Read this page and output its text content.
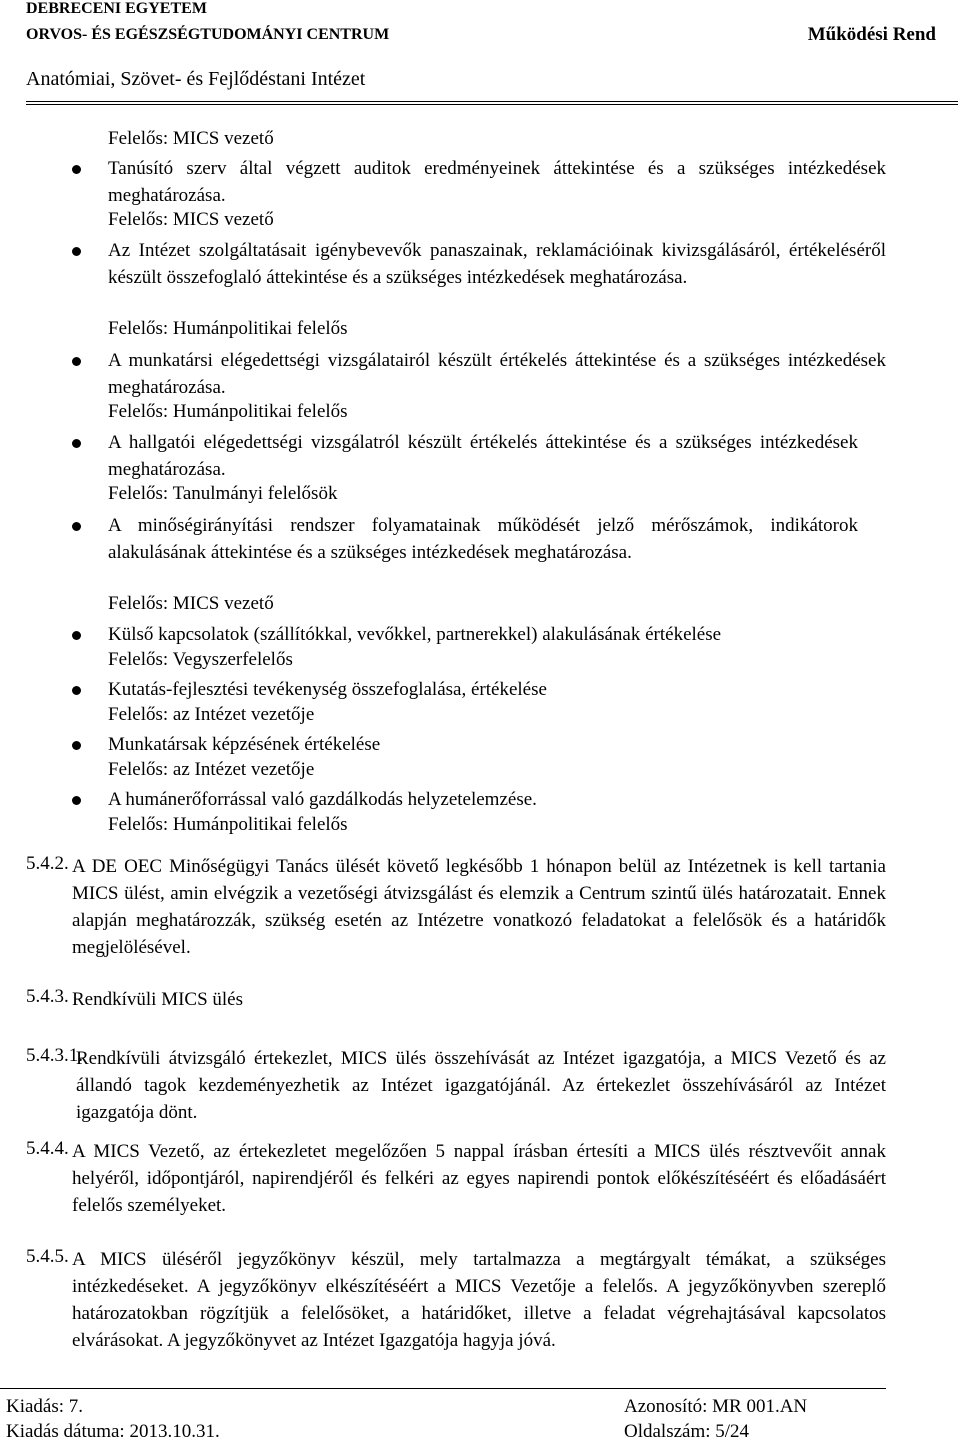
DEBRECENI EGYETEM
ORVOS- ÉS EGÉSZSÉGTUDOMÁNYI CENTRUM	Működési Rend
Anatómiai, Szövet- és Fejlődéstani Intézet
Felelős: MICS vezető
Tanúsító szerv által végzett auditok eredményeinek áttekintése és a szükséges intézkedések meghatározása.
Felelős: MICS vezető
Az Intézet szolgáltatásait igénybevevők panaszainak, reklamációinak kivizsgálásáról, értékeléséről készült összefoglaló áttekintése és a szükséges intézkedések meghatározása.
Felelős: Humánpolitikai felelős
A munkatársi elégedettségi vizsgálatairól készült értékelés áttekintése és a szükséges intézkedések meghatározása.
Felelős: Humánpolitikai felelős
A hallgatói elégedettségi vizsgálatról készült értékelés áttekintése és a szükséges intézkedések meghatározása.
Felelős: Tanulmányi felelősök
A minőségirányítási rendszer folyamatainak működését jelző mérőszámok, indikátorok alakulásának áttekintése és a szükséges intézkedések meghatározása.
Felelős: MICS vezető
Külső kapcsolatok (szállítókkal, vevőkkel, partnerekkel) alakulásának értékelése
Felelős: Vegyszerfelelős
Kutatás-fejlesztési tevékenység összefoglalása, értékelése
Felelős: az Intézet vezetője
Munkatársak képzésének értékelése
Felelős: az Intézet vezetője
A humánerőforrással való gazdálkodás helyzetelemzése.
Felelős: Humánpolitikai felelős
5.4.2. A DE OEC Minőségügyi Tanács ülését követő legkésőbb 1 hónapon belül az Intézetnek is kell tartania MICS ülést, amin elvégzik a vezetőségi átvizsgálást és elemzik a Centrum szintű ülés határozatait. Ennek alapján meghatározzák, szükség esetén az Intézetre vonatkozó feladatokat a felelősök és a határidők megjelölésével.
5.4.3. Rendkívüli MICS ülés
5.4.3.1.
Rendkívüli átvizsgáló értekezlet, MICS ülés összehívását az Intézet igazgatója, a MICS Vezető és az állandó tagok kezdeményezhetik az Intézet igazgatójánál. Az értekezlet összehívásáról az Intézet igazgatója dönt.
5.4.4. A MICS Vezető, az értekezletet megelőzően 5 nappal írásban értesíti a MICS ülés résztvevőit annak helyéről, időpontjáról, napirendjéről és felkéri az egyes napirendi pontok előkészítéséért és előadásáért felelős személyeket.
5.4.5. A MICS üléséről jegyzőkönyv készül, mely tartalmazza a megtárgyalt témákat, a szükséges intézkedéseket. A jegyzőkönyv elkészítéséért a MICS Vezetője a felelős. A jegyzőkönyvben szereplő határozatokban rögzítjük a felelősöket, a határidőket, illetve a feladat végrehajtásával kapcsolatos elvárásokat. A jegyzőkönyvet az Intézet Igazgatója hagyja jóvá.
Kiadás: 7.
Kiadás dátuma: 2013.10.31.
Azonosító: MR 001.AN
Oldalszám: 5/24
